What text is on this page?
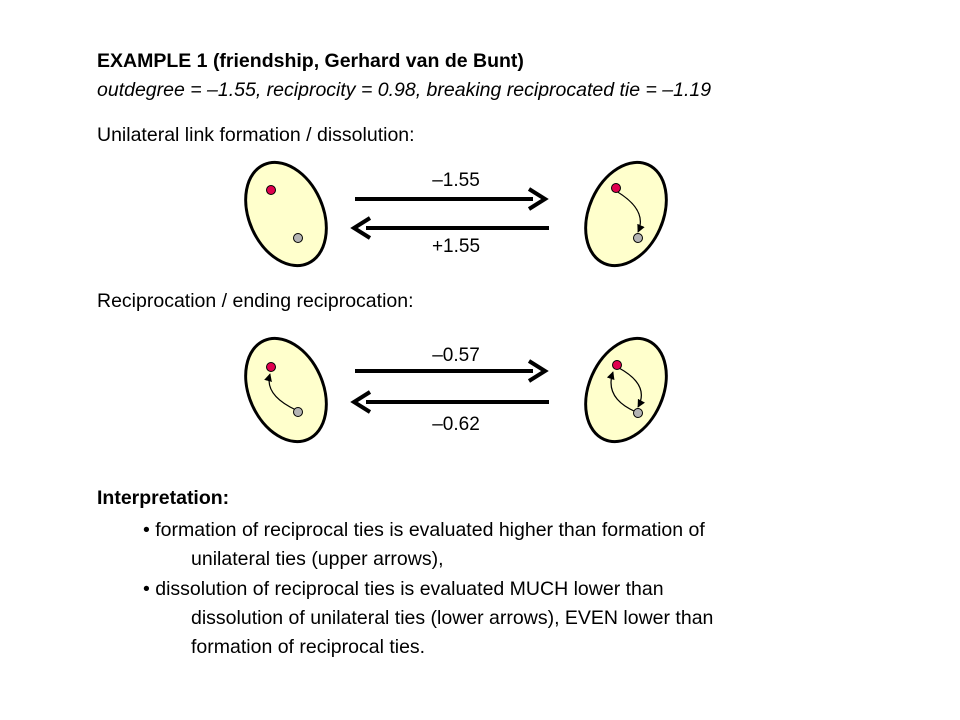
EXAMPLE 1 (friendship, Gerhard van de Bunt)

outdegree = –1.55, reciprocity = 0.98, breaking reciprocated tie = –1.19

Unilateral link formation / dissolution:

–1.55
+1.55

Reciprocation / ending reciprocation:

–0.57
–0.62

Interpretation:

• formation of reciprocal ties is evaluated higher than formation of

unilateral ties (upper arrows),

• dissolution of reciprocal ties is evaluated MUCH lower than

dissolution of unilateral ties (lower arrows), EVEN lower than

formation of reciprocal ties.
